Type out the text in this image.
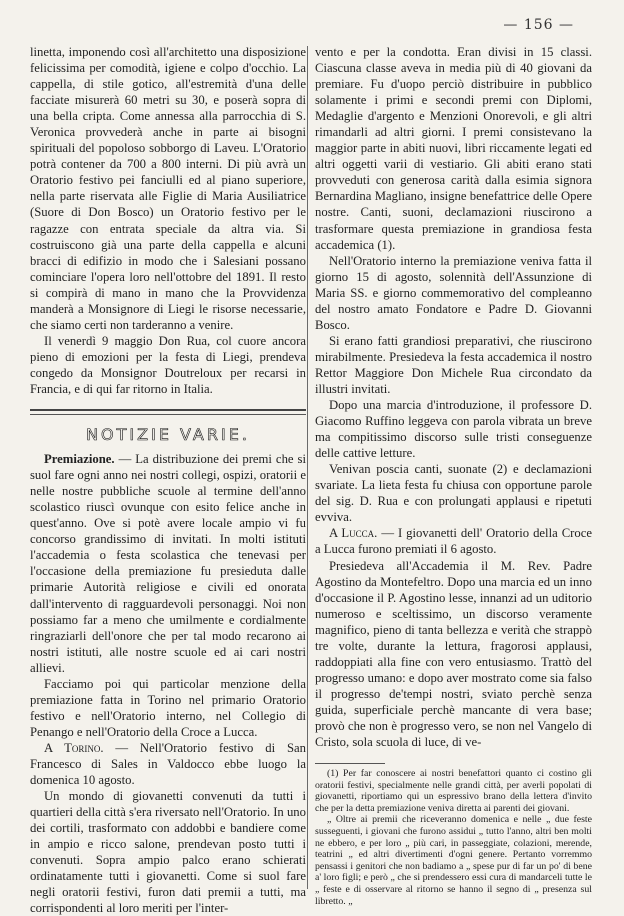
— 156 —

linetta, imponendo così all'architetto una disposizione felicissima per comodità, igiene e colpo d'occhio. La cappella, di stile gotico, all'estremità d'una delle facciate misurerà 60 metri su 30, e poserà sopra di una bella cripta. Come annessa alla parrocchia di S. Veronica provvederà anche in parte ai bisogni spirituali del popoloso sobborgo di Laveu. L'Oratorio potrà contener da 700 a 800 interni. Di più avrà un Oratorio festivo pei fanciulli ed al piano superiore, nella parte riservata alle Figlie di Maria Ausiliatrice (Suore di Don Bosco) un Oratorio festivo per le ragazze con entrata speciale da altra via. Si costruiscono già una parte della cappella e alcuni bracci di edifizio in modo che i Salesiani possano cominciare l'opera loro nell'ottobre del 1891. Il resto si compirà di mano in mano che la Provvidenza manderà a Monsignore di Liegi le risorse necessarie, che siamo certi non tarderanno a venire.

Il venerdì 9 maggio Don Rua, col cuore ancora pieno di emozioni per la festa di Liegi, prendeva congedo da Monsignor Doutreloux per recarsi in Francia, e di qui far ritorno in Italia.

NOTIZIE VARIE.

Premiazione. — La distribuzione dei premi che si suol fare ogni anno nei nostri collegi, ospizi, oratorii e nelle nostre pubbliche scuole al termine dell'anno scolastico riuscì ovunque con esito felice anche in quest'anno. Ove si potè avere locale ampio vi fu concorso grandissimo di invitati. In molti istituti l'accademia o festa scolastica che tenevasi per l'occasione della premiazione fu presieduta dalle primarie Autorità religiose e civili ed onorata dall'intervento di ragguardevoli personaggi. Noi non possiamo far a meno che umilmente e cordialmente ringraziarli dell'onore che per tal modo recarono ai nostri istituti, alle nostre scuole ed ai cari nostri allievi.

Facciamo poi qui particolar menzione della premiazione fatta in Torino nel primario Oratorio festivo e nell'Oratorio interno, nel Collegio di Penango e nell'Oratorio della Croce a Lucca.

A Torino. — Nell'Oratorio festivo di San Francesco di Sales in Valdocco ebbe luogo la domenica 10 agosto.

Un mondo di giovanetti convenuti da tutti i quartieri della città s'era riversato nell'Oratorio. In uno dei cortili, trasformato con addobbi e bandiere come in ampio e ricco salone, prendevan posto tutti i convenuti. Sopra ampio palco erano schierati ordinatamente tutti i giovanetti. Come si suol fare negli oratorii festivi, furon dati premii a tutti, ma corrispondenti al loro meriti per l'inter-

vento e per la condotta. Eran divisi in 15 classi. Ciascuna classe aveva in media più di 40 giovani da premiare. Fu d'uopo perciò distribuire in pubblico solamente i primi e secondi premi con Diplomi, Medaglie d'argento e Menzioni Onorevoli, e gli altri rimandarli ad altri giorni. I premi consistevano la maggior parte in abiti nuovi, libri riccamente legati ed altri oggetti varii di vestiario. Gli abiti erano stati provveduti con generosa carità dalla esimia signora Bernardina Magliano, insigne benefattrice delle Opere nostre. Canti, suoni, declamazioni riuscirono a trasformare questa premiazione in grandiosa festa accademica (1).

Nell'Oratorio interno la premiazione veniva fatta il giorno 15 di agosto, solennità dell'Assunzione di Maria SS. e giorno commemorativo del compleanno del nostro amato Fondatore e Padre D. Giovanni Bosco.

Si erano fatti grandiosi preparativi, che riuscirono mirabilmente. Presiedeva la festa accademica il nostro Rettor Maggiore Don Michele Rua circondato da illustri invitati.

Dopo una marcia d'introduzione, il professore D. Giacomo Ruffino leggeva con parola vibrata un breve ma compitissimo discorso sulle tristi conseguenze delle cattive letture.

Venivan poscia canti, suonate (2) e declamazioni svariate. La lieta festa fu chiusa con opportune parole del sig. D. Rua e con prolungati applausi e ripetuti evviva.

A Lucca. — I giovanetti dell' Oratorio della Croce a Lucca furono premiati il 6 agosto.

Presiedeva all'Accademia il M. Rev. Padre Agostino da Montefeltro. Dopo una marcia ed un inno d'occasione il P. Agostino lesse, innanzi ad un uditorio numeroso e sceltissimo, un discorso veramente magnifico, pieno di tanta bellezza e verità che strappò tre volte, durante la lettura, fragorosi applausi, raddoppiati alla fine con vero entusiasmo. Trattò del progresso umano: e dopo aver mostrato come sia falso il progresso de'tempi nostri, sviato perchè senza guida, superficiale perchè mancante di vera base; provò che non è progresso vero, se non nel Vangelo di Cristo, sola scuola di luce, di ve-

(1) Per far conoscere ai nostri benefattori quanto ci costino gli oratorii festivi, specialmente nelle grandi città, per averli popolati di giovanetti, riportiamo qui un espressivo brano della lettera d'invito che per la detta premiazione veniva diretta ai parenti dei giovani.

„ Oltre ai premii che riceveranno domenica e nelle „ due feste susseguenti, i giovani che furono assidui „ tutto l'anno, altri ben molti ne ebbero, e per loro „ più cari, in passeggiate, colazioni, merende, teatrini „ ed altri divertimenti d'ogni genere. Pertanto vorremmo pensassi i genitori che non badiamo a „ spese pur di far un po' di bene a' loro figli; e però „ che si prendessero essi cura di mandarceli tutte le „ feste e di osservare al ritorno se hanno il segno di „ presenza sul libretto. „
